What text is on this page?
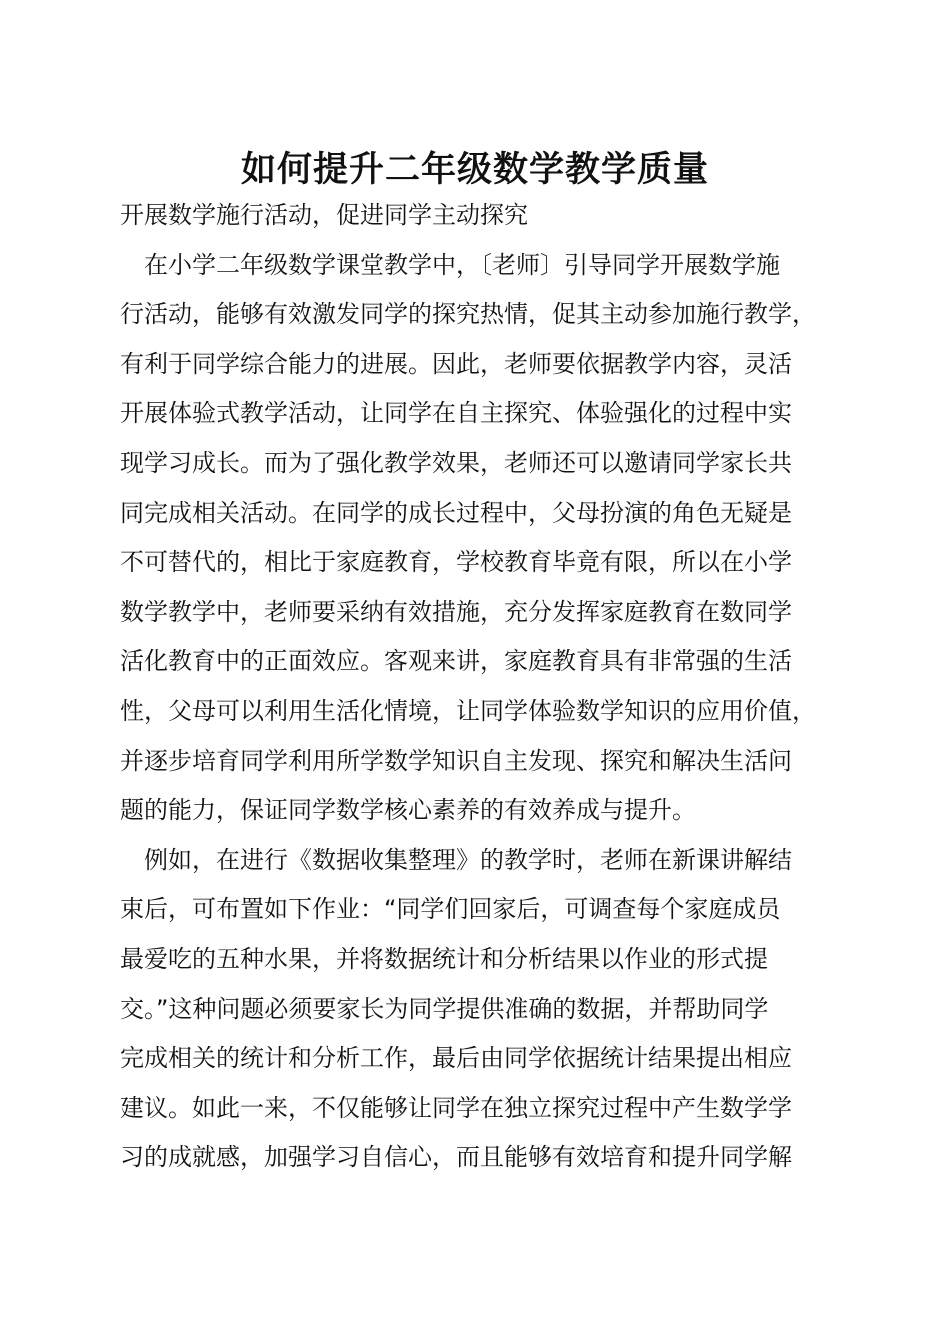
如何提升二年级数学教学质量
开展数学施行活动，促进同学主动探究
在小学二年级数学课堂教学中，〔老师〕引导同学开展数学施
行活动，能够有效激发同学的探究热情，促其主动参加施行教学，
有利于同学综合能力的进展。因此，老师要依据教学内容，灵活
开展体验式教学活动，让同学在自主探究、体验强化的过程中实
现学习成长。而为了强化教学效果，老师还可以邀请同学家长共
同完成相关活动。在同学的成长过程中，父母扮演的角色无疑是
不可替代的，相比于家庭教育，学校教育毕竟有限，所以在小学
数学教学中，老师要采纳有效措施，充分发挥家庭教育在数同学
活化教育中的正面效应。客观来讲，家庭教育具有非常强的生活
性，父母可以利用生活化情境，让同学体验数学知识的应用价值，
并逐步培育同学利用所学数学知识自主发现、探究和解决生活问
题的能力，保证同学数学核心素养的有效养成与提升。
例如，在进行《数据收集整理》的教学时，老师在新课讲解结
束后，可布置如下作业：“同学们回家后，可调查每个家庭成员
最爱吃的五种水果，并将数据统计和分析结果以作业的形式提
交。”这种问题必须要家长为同学提供准确的数据，并帮助同学
完成相关的统计和分析工作，最后由同学依据统计结果提出相应
建议。如此一来，不仅能够让同学在独立探究过程中产生数学学
习的成就感，加强学习自信心，而且能够有效培育和提升同学解
